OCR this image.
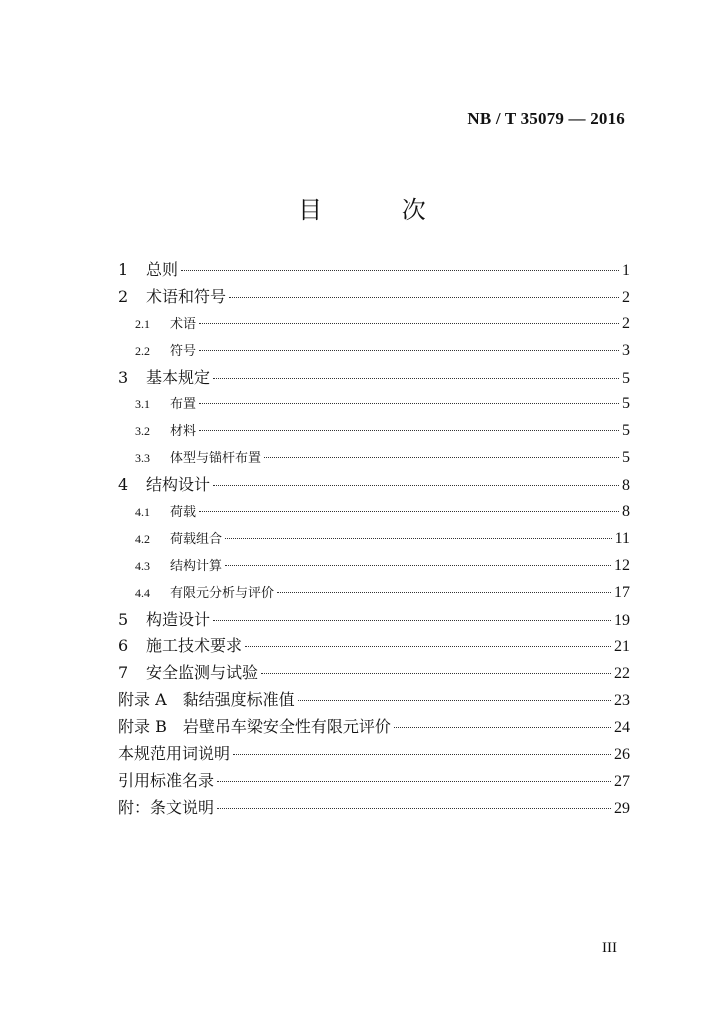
NB / T 35079 — 2016
目 次
1	总则	1
2	术语和符号	2
2.1	术语	2
2.2	符号	3
3	基本规定	5
3.1	布置	5
3.2	材料	5
3.3	体型与锚杆布置	5
4	结构设计	8
4.1	荷载	8
4.2	荷载组合	11
4.3	结构计算	12
4.4	有限元分析与评价	17
5	构造设计	19
6	施工技术要求	21
7	安全监测与试验	22
附录 A　黏结强度标准值	23
附录 B　岩壁吊车梁安全性有限元评价	24
本规范用词说明	26
引用标准名录	27
附：条文说明	29
III
